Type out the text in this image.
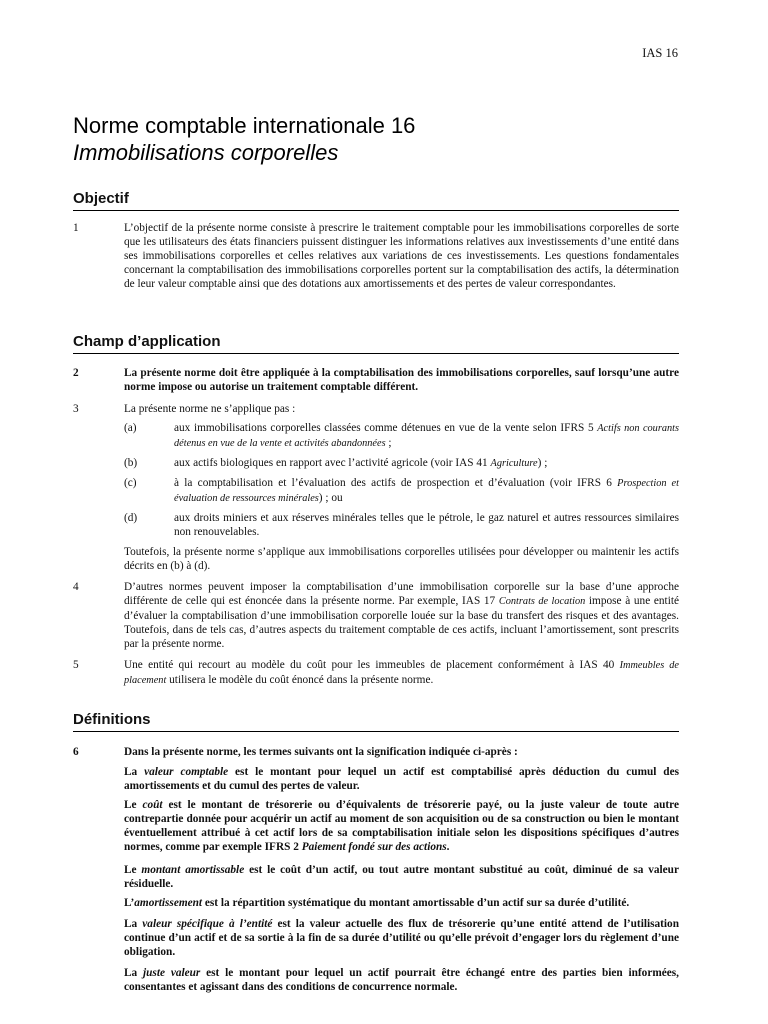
IAS 16
Norme comptable internationale 16
Immobilisations corporelles
Objectif
1	L’objectif de la présente norme consiste à prescrire le traitement comptable pour les immobilisations corporelles de sorte que les utilisateurs des états financiers puissent distinguer les informations relatives aux investissements d’une entité dans ses immobilisations corporelles et celles relatives aux variations de ces investissements. Les questions fondamentales concernant la comptabilisation des immobilisations corporelles portent sur la comptabilisation des actifs, la détermination de leur valeur comptable ainsi que des dotations aux amortissements et des pertes de valeur correspondantes.
Champ d’application
2	La présente norme doit être appliquée à la comptabilisation des immobilisations corporelles, sauf lorsqu’une autre norme impose ou autorise un traitement comptable différent.
3	La présente norme ne s’applique pas :
(a)	aux immobilisations corporelles classées comme détenues en vue de la vente selon IFRS 5 Actifs non courants détenus en vue de la vente et activités abandonnées ;
(b)	aux actifs biologiques en rapport avec l’activité agricole (voir IAS 41 Agriculture) ;
(c)	à la comptabilisation et l’évaluation des actifs de prospection et d’évaluation (voir IFRS 6 Prospection et évaluation de ressources minérales) ; ou
(d)	aux droits miniers et aux réserves minérales telles que le pétrole, le gaz naturel et autres ressources similaires non renouvelables.
Toutefois, la présente norme s’applique aux immobilisations corporelles utilisées pour développer ou maintenir les actifs décrits en (b) à (d).
4	D’autres normes peuvent imposer la comptabilisation d’une immobilisation corporelle sur la base d’une approche différente de celle qui est énoncée dans la présente norme. Par exemple, IAS 17 Contrats de location impose à une entité d’évaluer la comptabilisation d’une immobilisation corporelle louée sur la base du transfert des risques et des avantages. Toutefois, dans de tels cas, d’autres aspects du traitement comptable de ces actifs, incluant l’amortissement, sont prescrits par la présente norme.
5	Une entité qui recourt au modèle du coût pour les immeubles de placement conformément à IAS 40 Immeubles de placement utilisera le modèle du coût énoncé dans la présente norme.
Définitions
6	Dans la présente norme, les termes suivants ont la signification indiquée ci-après :
La valeur comptable est le montant pour lequel un actif est comptabilisé après déduction du cumul des amortissements et du cumul des pertes de valeur.
Le coût est le montant de trésorerie ou d’équivalents de trésorerie payé, ou la juste valeur de toute autre contrepartie donnée pour acquérir un actif au moment de son acquisition ou de sa construction ou bien le montant éventuellement attribué à cet actif lors de sa comptabilisation initiale selon les dispositions spécifiques d’autres normes, comme par exemple IFRS 2 Paiement fondé sur des actions.
Le montant amortissable est le coût d’un actif, ou tout autre montant substitué au coût, diminué de sa valeur résiduelle.
L’amortissement est la répartition systématique du montant amortissable d’un actif sur sa durée d’utilité.
La valeur spécifique à l’entité est la valeur actuelle des flux de trésorerie qu’une entité attend de l’utilisation continue d’un actif et de sa sortie à la fin de sa durée d’utilité ou qu’elle prévoit d’engager lors du règlement d’une obligation.
La juste valeur est le montant pour lequel un actif pourrait être échangé entre des parties bien informées, consentantes et agissant dans des conditions de concurrence normale.
